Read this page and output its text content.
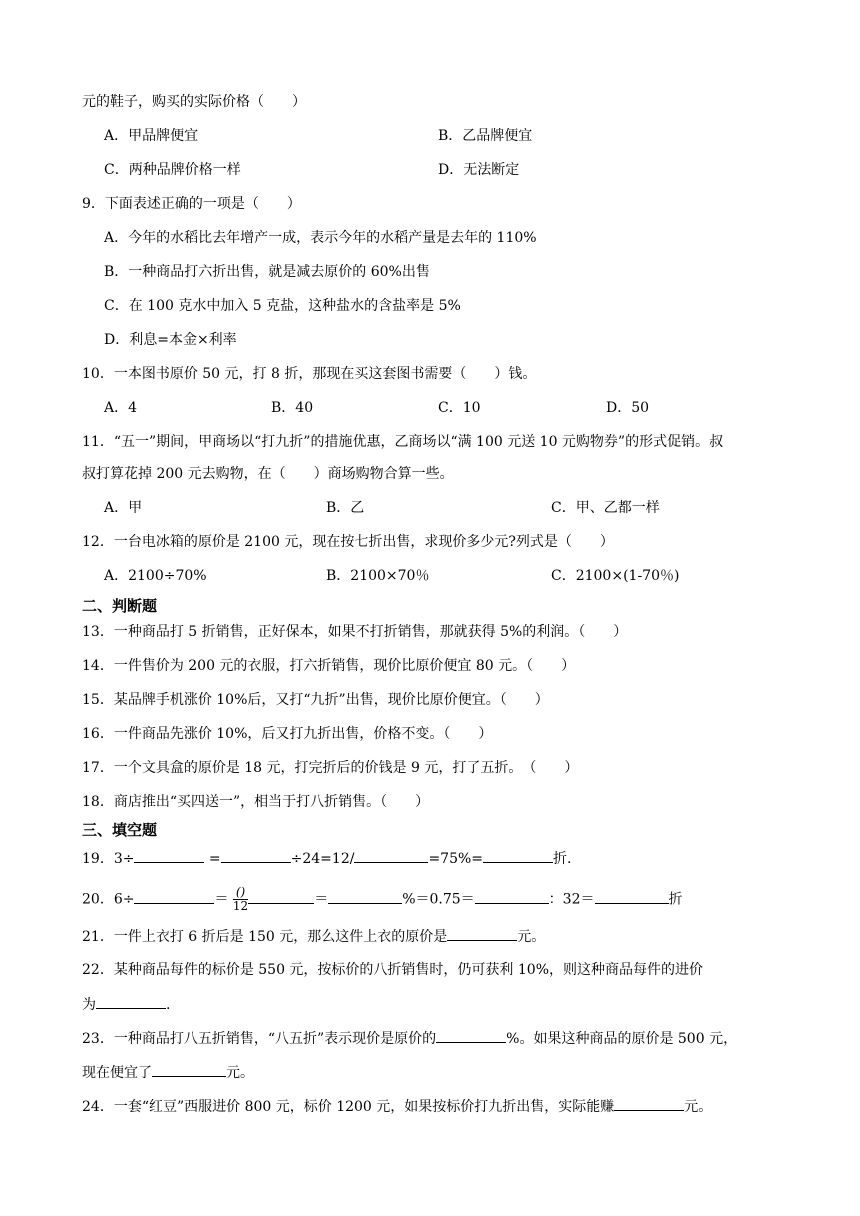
元的鞋子，购买的实际价格（　　）
A．甲品牌便宜	B．乙品牌便宜
C．两种品牌价格一样	D．无法断定
9．下面表述正确的一项是（　　）
A．今年的水稻比去年增产一成，表示今年的水稻产量是去年的 110%
B．一种商品打六折出售，就是减去原价的 60%出售
C．在 100 克水中加入 5 克盐，这种盐水的含盐率是 5%
D．利息=本金×利率
10．一本图书原价 50 元，打 8 折，那现在买这套图书需要（　　）钱。
A．4	B．40	C．10	D．50
11．“五一”期间，甲商场以“打九折”的措施优惠，乙商场以“满 100 元送 10 元购物券”的形式促销。叔
叔打算花掉 200 元去购物，在（　　）商场购物合算一些。
A．甲	B．乙	C．甲、乙都一样
12．一台电冰箱的原价是 2100 元，现在按七折出售，求现价多少元?列式是（　　）
A．2100÷70%	B．2100×70％	C．2100×(1-70％)
二、判断题
13．一种商品打 5 折销售，正好保本，如果不打折销售，那就获得 5%的利润。（　　）
14．一件售价为 200 元的衣服，打六折销售，现价比原价便宜 80 元。（　　）
15．某品牌手机涨价 10%后，又打“九折”出售，现价比原价便宜。（　　）
16．一件商品先涨价 10%，后又打九折出售，价格不变。（　　）
17．一个文具盒的原价是 18 元，打完折后的价钱是 9 元，打了五折。　（　　）
18．商店推出“买四送一”，相当于打八折销售。（　　）
三、填空题
19．3÷	=	÷24=12/	=75%=	折.
20．6÷	＝ $\frac{()}{12}$	＝	%＝0.75＝	：32＝	折
21．一件上衣打 6 折后是 150 元，那么这件上衣的原价是	元。
22．某种商品每件的标价是 550 元，按标价的八折销售时，仍可获利 10%，则这种商品每件的进价
为	.
23．一种商品打八五折销售，“八五折”表示现价是原价的	%。如果这种商品的原价是 500 元，
现在便宜了	元。
24．一套“红豆”西服进价 800 元，标价 1200 元，如果按标价打九折出售，实际能赚	元。
